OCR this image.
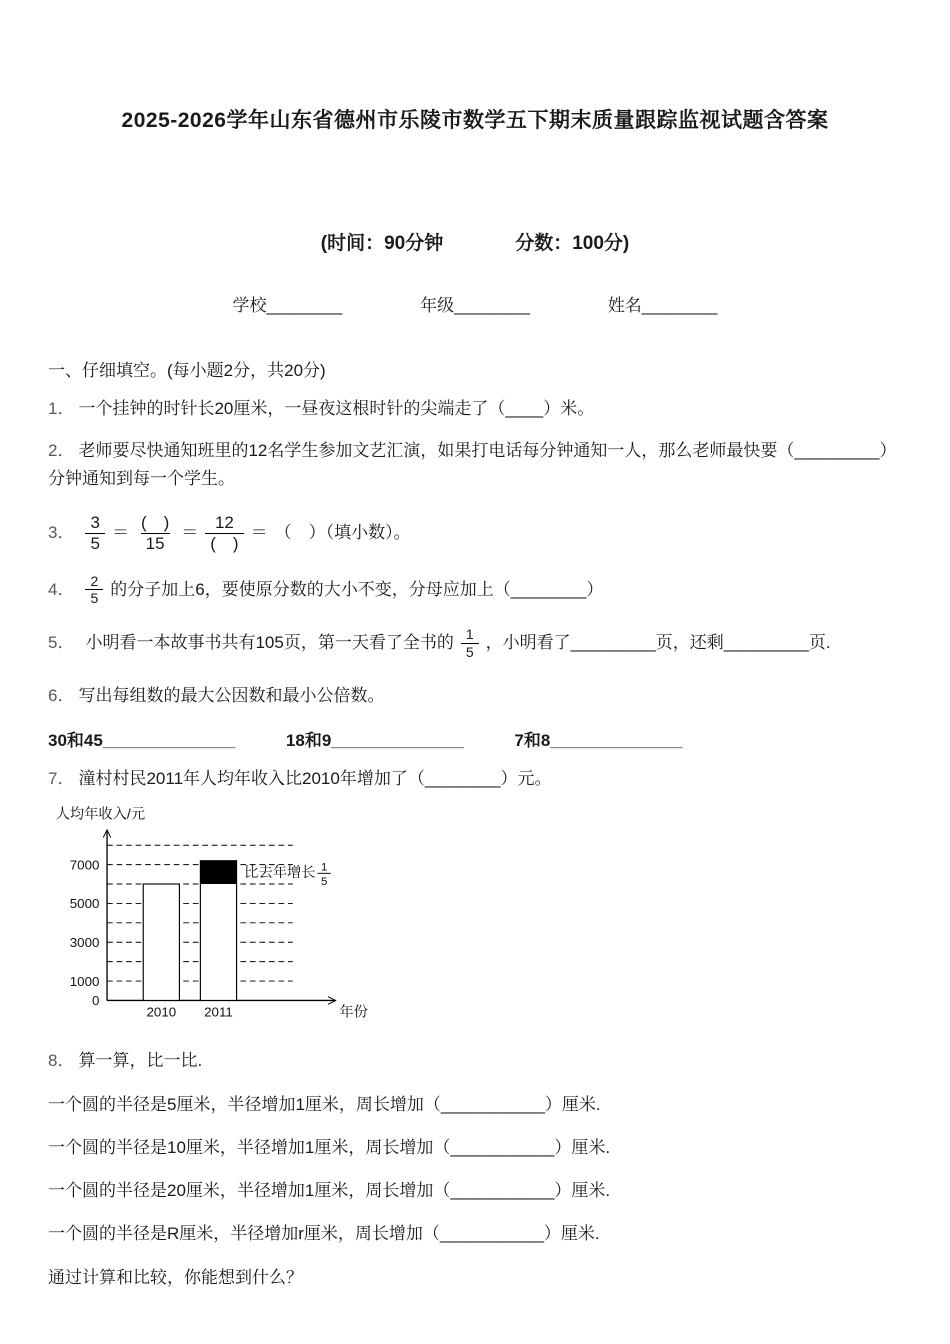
2025-2026学年山东省德州市乐陵市数学五下期末质量跟踪监视试题含答案
(时间：90分钟	分数：100分)
学校________	年级________	姓名________
一、仔细填空。(每小题2分，共20分)

1． 一个挂钟的时针长20厘米，一昼夜这根时针的尖端走了（____）米。

2． 老师要尽快通知班里的12名学生参加文艺汇演，如果打电话每分钟通知一人，那么老师最快要（_________）分钟通知到每一个学生。

3． $\frac{3}{5} = \frac{( )}{15} = \frac{12}{( )}$ ＝ （　）（填小数）。
4． $\frac{2}{5}$ 的分子加上6，要使原分数的大小不变，分母应加上（________）
5． 小明看一本故事书共有105页，第一天看了全书的 $\frac{1}{5}$ ，小明看了_________页，还剩_________页.

6． 写出每组数的最大公因数和最小公倍数。

30和45______________	18和9______________	7和8______________

7． 潼村村民2011年人均年收入比2010年增加了（________）元。

人均年收入/元
年份
0
1000
3000
5000
7000
2010 2011
比去年增长 1
5

8． 算一算，比一比.

一个圆的半径是5厘米，半径增加1厘米，周长增加（___________）厘米.

一个圆的半径是10厘米，半径增加1厘米，周长增加（___________）厘米.

一个圆的半径是20厘米，半径增加1厘米，周长增加（___________）厘米.

一个圆的半径是R厘米，半径增加r厘米，周长增加（___________）厘米.

通过计算和比较，你能想到什么？
